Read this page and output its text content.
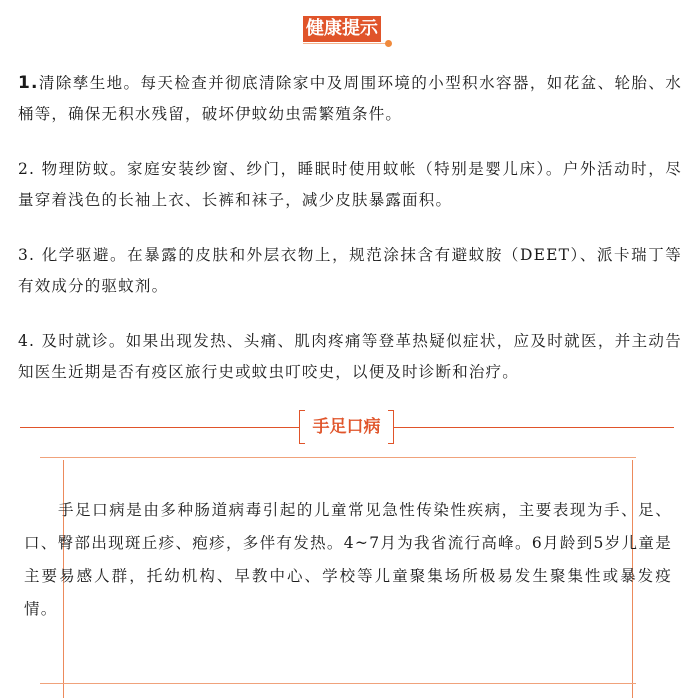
健康提示

1.清除孳生地。每天检查并彻底清除家中及周围环境的小型积水容器，如花盆、轮胎、水桶等，确保无积水残留，破坏伊蚊幼虫需繁殖条件。

2. 物理防蚊。家庭安装纱窗、纱门，睡眠时使用蚊帐（特别是婴儿床）。户外活动时，尽量穿着浅色的长袖上衣、长裤和袜子，减少皮肤暴露面积。

3. 化学驱避。在暴露的皮肤和外层衣物上，规范涂抹含有避蚊胺（DEET）、派卡瑞丁等有效成分的驱蚊剂。

4. 及时就诊。如果出现发热、头痛、肌肉疼痛等登革热疑似症状，应及时就医，并主动告知医生近期是否有疫区旅行史或蚊虫叮咬史，以便及时诊断和治疗。

手足口病

手足口病是由多种肠道病毒引起的儿童常见急性传染性疾病，主要表现为手、足、口、臀部出现斑丘疹、疱疹，多伴有发热。4~7月为我省流行高峰。6月龄到5岁儿童是主要易感人群，托幼机构、早教中心、学校等儿童聚集场所极易发生聚集性或暴发疫情。
